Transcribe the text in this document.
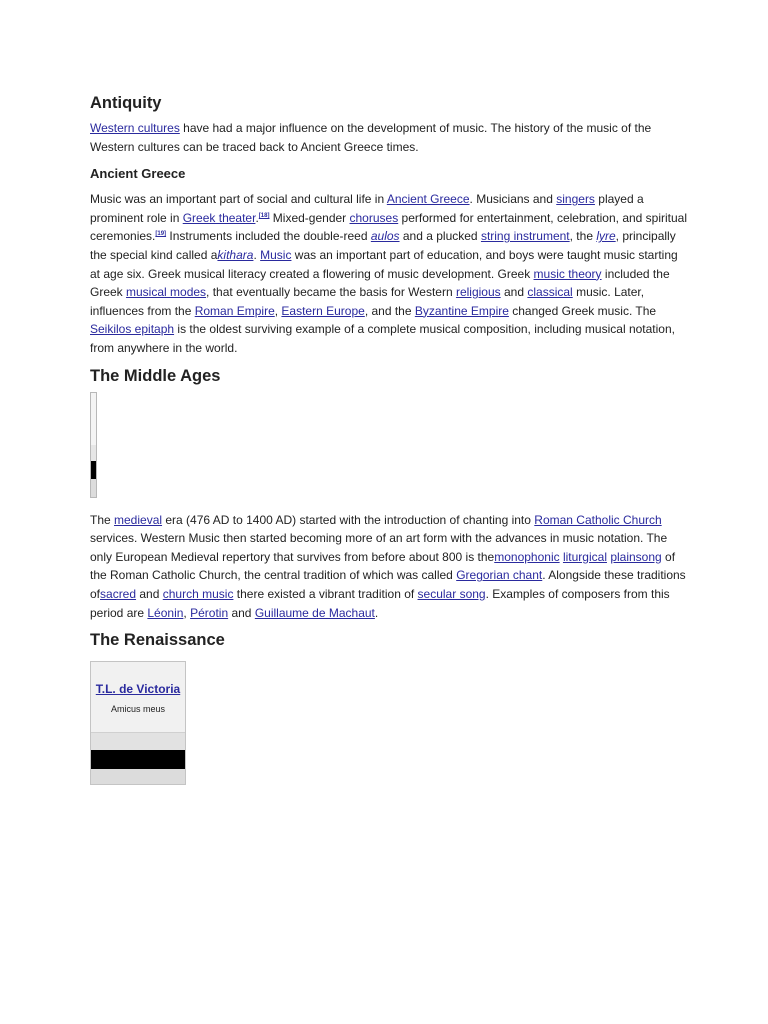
Antiquity

Western cultures have had a major influence on the development of music. The history of the music of the Western cultures can be traced back to Ancient Greece times.

Ancient Greece

Music was an important part of social and cultural life in Ancient Greece. Musicians and singers played a prominent role in Greek theater.[18] Mixed-gender choruses performed for entertainment, celebration, and spiritual ceremonies.[19] Instruments included the double-reed aulos and a plucked string instrument, the lyre, principally the special kind called akithara. Music was an important part of education, and boys were taught music starting at age six. Greek musical literacy created a flowering of music development. Greek music theory included the Greek musical modes, that eventually became the basis for Western religious and classical music. Later, influences from the Roman Empire, Eastern Europe, and the Byzantine Empire changed Greek music. The Seikilos epitaph is the oldest surviving example of a complete musical composition, including musical notation, from anywhere in the world.

The Middle Ages

The medieval era (476 AD to 1400 AD) started with the introduction of chanting into Roman Catholic Church services. Western Music then started becoming more of an art form with the advances in music notation. The only European Medieval repertory that survives from before about 800 is themonophonic liturgical plainsong of the Roman Catholic Church, the central tradition of which was called Gregorian chant. Alongside these traditions ofsacred and church music there existed a vibrant tradition of secular song. Examples of composers from this period are Léonin, Pérotin and Guillaume de Machaut.

The Renaissance
T.L. de Victoria
Amicus meus
